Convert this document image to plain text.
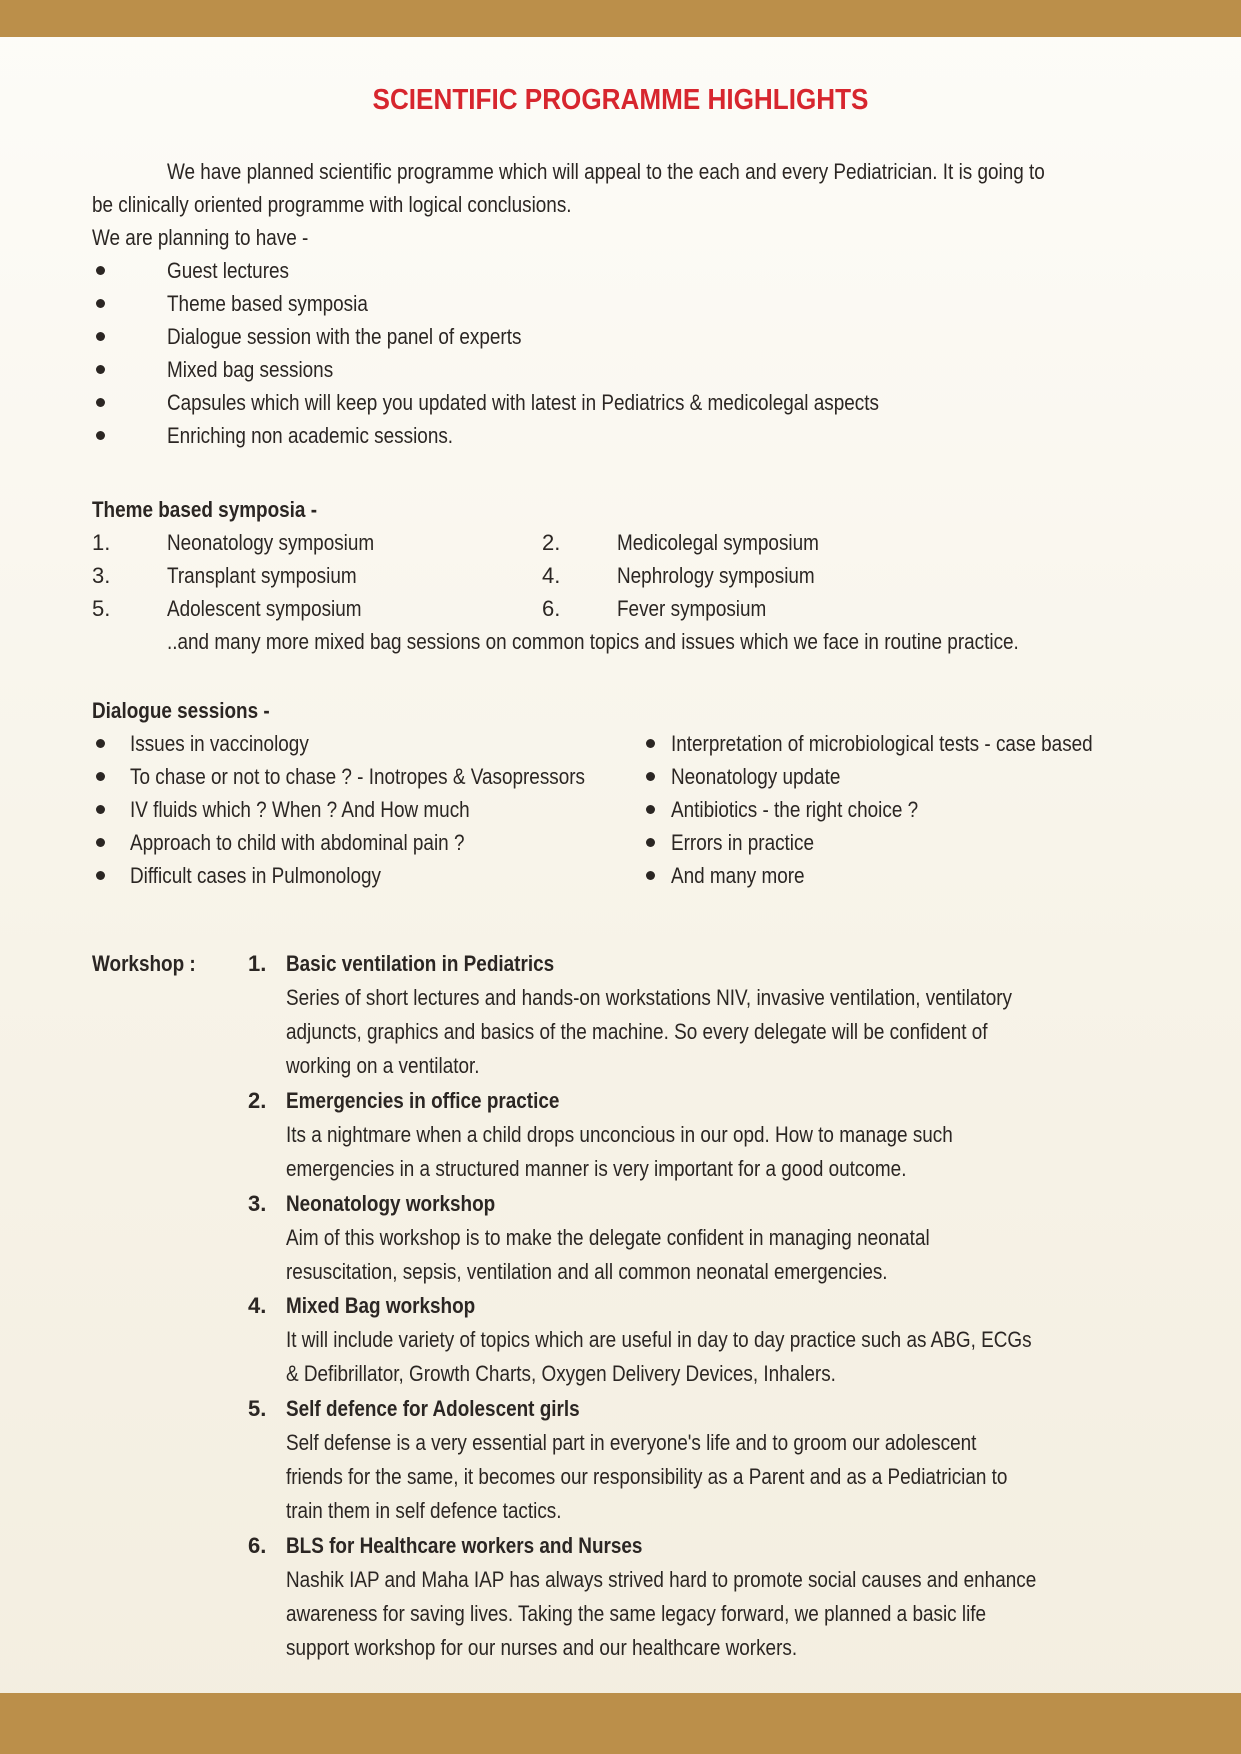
SCIENTIFIC PROGRAMME HIGHLIGHTS
We have planned scientific programme which will appeal to the each and every Pediatrician. It is going to
be clinically oriented programme with logical conclusions.
We are planning to have -
Guest lectures
Theme based symposia
Dialogue session with the panel of experts
Mixed bag sessions
Capsules which will keep you updated with latest in Pediatrics & medicolegal aspects
Enriching non academic sessions.
Theme based symposia -
1.	Neonatology symposium	2.	Medicolegal symposium
3.	Transplant symposium	4.	Nephrology symposium
5.	Adolescent symposium	6.	Fever symposium
..and many more mixed bag sessions on common topics and issues which we face in routine practice.
Dialogue sessions -
Issues in vaccinology
To chase or not to chase ? - Inotropes & Vasopressors
IV fluids which ? When ? And How much
Approach to child with abdominal pain ?
Difficult cases in Pulmonology
Interpretation of microbiological tests - case based
Neonatology update
Antibiotics - the right choice ?
Errors in practice
And many more
Workshop : 1. Basic ventilation in Pediatrics
Series of short lectures and hands-on workstations NIV, invasive ventilation, ventilatory
adjuncts, graphics and basics of the machine. So every delegate will be confident of
working on a ventilator.
2. Emergencies in office practice
Its a nightmare when a child drops unconcious in our opd. How to manage such
emergencies in a structured manner is very important for a good outcome.
3. Neonatology workshop
Aim of this workshop is to make the delegate confident in managing neonatal
resuscitation, sepsis, ventilation and all common neonatal emergencies.
4. Mixed Bag workshop
It will include variety of topics which are useful in day to day practice such as ABG, ECGs
& Defibrillator, Growth Charts, Oxygen Delivery Devices, Inhalers.
5. Self defence for Adolescent girls
Self defense is a very essential part in everyone's life and to groom our adolescent
friends for the same, it becomes our responsibility as a Parent and as a Pediatrician to
train them in self defence tactics.
6. BLS for Healthcare workers and Nurses
Nashik IAP and Maha IAP has always strived hard to promote social causes and enhance
awareness for saving lives. Taking the same legacy forward, we planned a basic life
support workshop for our nurses and our healthcare workers.
